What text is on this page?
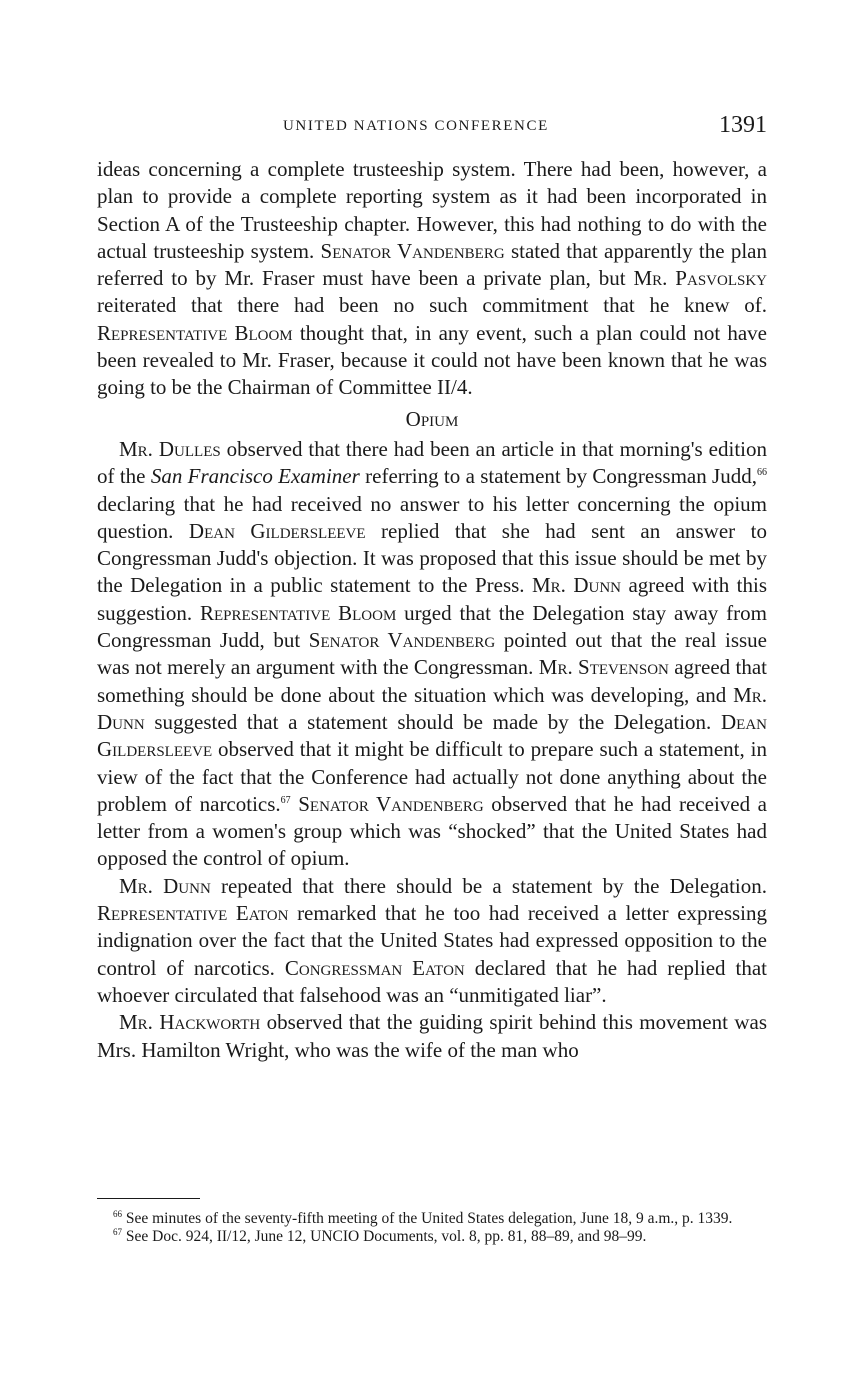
UNITED NATIONS CONFERENCE	1391

ideas concerning a complete trusteeship system. There had been, however, a plan to provide a complete reporting system as it had been incorporated in Section A of the Trusteeship chapter. However, this had nothing to do with the actual trusteeship system. Senator Vandenberg stated that apparently the plan referred to by Mr. Fraser must have been a private plan, but Mr. Pasvolsky reiterated that there had been no such commitment that he knew of. Representative Bloom thought that, in any event, such a plan could not have been revealed to Mr. Fraser, because it could not have been known that he was going to be the Chairman of Committee II/4.

Opium

Mr. Dulles observed that there had been an article in that morning's edition of the San Francisco Examiner referring to a statement by Congressman Judd,$^{66}$ declaring that he had received no answer to his letter concerning the opium question. Dean Gildersleeve replied that she had sent an answer to Congressman Judd's objection. It was proposed that this issue should be met by the Delegation in a public statement to the Press. Mr. Dunn agreed with this suggestion. Representative Bloom urged that the Delegation stay away from Congressman Judd, but Senator Vandenberg pointed out that the real issue was not merely an argument with the Congressman. Mr. Stevenson agreed that something should be done about the situation which was developing, and Mr. Dunn suggested that a statement should be made by the Delegation. Dean Gildersleeve observed that it might be difficult to prepare such a statement, in view of the fact that the Conference had actually not done anything about the problem of narcotics.$^{67}$ Senator Vandenberg observed that he had received a letter from a women's group which was “shocked” that the United States had opposed the control of opium.

Mr. Dunn repeated that there should be a statement by the Delegation. Representative Eaton remarked that he too had received a letter expressing indignation over the fact that the United States had expressed opposition to the control of narcotics. Congressman Eaton declared that he had replied that whoever circulated that falsehood was an “unmitigated liar”.

Mr. Hackworth observed that the guiding spirit behind this movement was Mrs. Hamilton Wright, who was the wife of the man who

$^{66}$ See minutes of the seventy-fifth meeting of the United States delegation, June 18, 9 a.m., p. 1339.

$^{67}$ See Doc. 924, II/12, June 12, UNCIO Documents, vol. 8, pp. 81, 88–89, and 98–99.
